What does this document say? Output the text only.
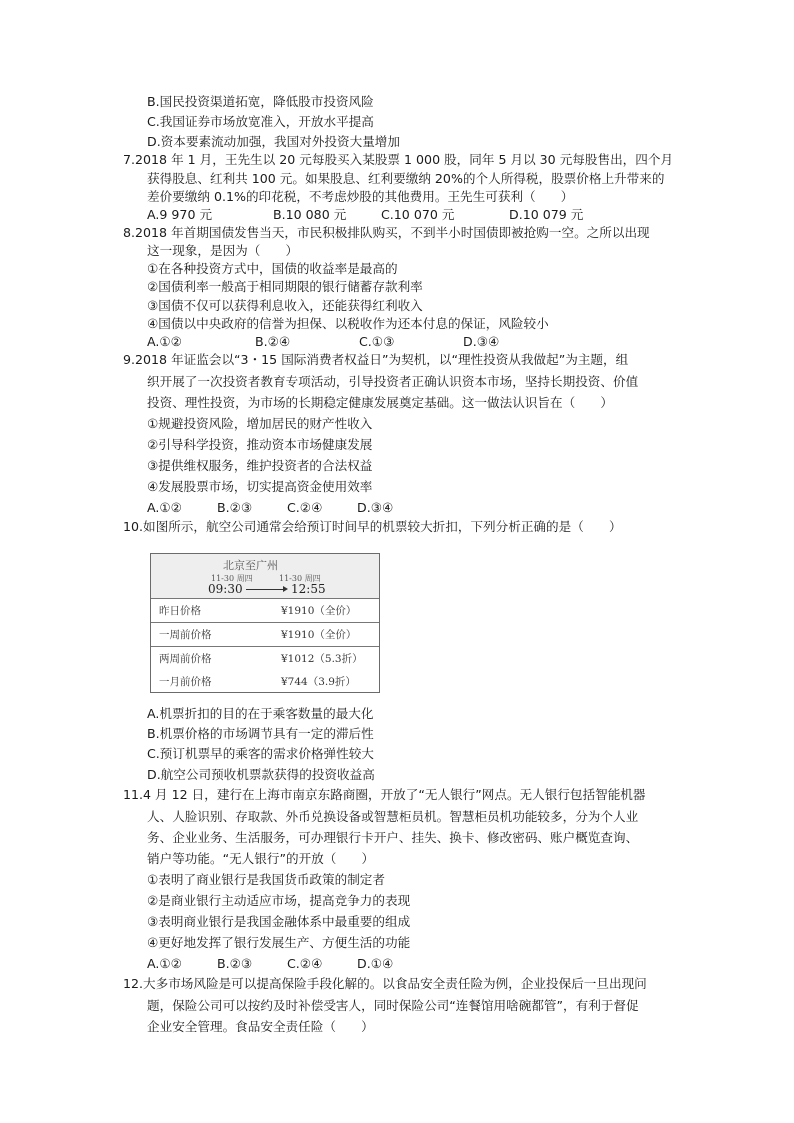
B.国民投资渠道拓宽，降低股市投资风险
C.我国证券市场放宽准入，开放水平提高
D.资本要素流动加强，我国对外投资大量增加
7.2018 年 1 月，王先生以 20 元每股买入某股票 1 000 股，同年 5 月以 30 元每股售出，四个月
获得股息、红利共 100 元。如果股息、红利要缴纳 20%的个人所得税，股票价格上升带来的
差价要缴纳 0.1%的印花税，不考虑炒股的其他费用。王先生可获利（　　）
A.9 970 元	B.10 080 元	C.10 070 元	D.10 079 元
8.2018 年首期国债发售当天，市民积极排队购买，不到半小时国债即被抢购一空。之所以出现
这一现象，是因为（　　）
①在各种投资方式中，国债的收益率是最高的
②国债利率一般高于相同期限的银行储蓄存款利率
③国债不仅可以获得利息收入，还能获得红利收入
④国债以中央政府的信誉为担保、以税收作为还本付息的保证，风险较小
A.①②	B.②④	C.①③	D.③④
9.2018 年证监会以“3・15 国际消费者权益日”为契机，以“理性投资从我做起”为主题，组
织开展了一次投资者教育专项活动，引导投资者正确认识资本市场，坚持长期投资、价值
投资、理性投资，为市场的长期稳定健康发展奠定基础。这一做法认识旨在（　　）
①规避投资风险，增加居民的财产性收入
②引导科学投资，推动资本市场健康发展
③提供维权服务，维护投资者的合法权益
④发展股票市场，切实提高资金使用效率
A.①②	B.②③	C.②④	D.③④
10.如图所示，航空公司通常会给预订时间早的机票较大折扣，下列分析正确的是（　　）
北京至广州
11-30 周四	11-30 周四
09:30	12:55
昨日价格	¥1910（全价）
一周前价格	¥1910（全价）
两周前价格	¥1012（5.3折）
一月前价格	¥744（3.9折）
A.机票折扣的目的在于乘客数量的最大化
B.机票价格的市场调节具有一定的滞后性
C.预订机票早的乘客的需求价格弹性较大
D.航空公司预收机票款获得的投资收益高
11.4 月 12 日，建行在上海市南京东路商圈，开放了“无人银行”网点。无人银行包括智能机器
人、人脸识别、存取款、外币兑换设备或智慧柜员机。智慧柜员机功能较多，分为个人业
务、企业业务、生活服务，可办理银行卡开户、挂失、换卡、修改密码、账户概览查询、
销户等功能。“无人银行”的开放（　　）
①表明了商业银行是我国货币政策的制定者
②是商业银行主动适应市场，提高竞争力的表现
③表明商业银行是我国金融体系中最重要的组成
④更好地发挥了银行发展生产、方便生活的功能
A.①②	B.②③	C.②④	D.①④
12.大多市场风险是可以提高保险手段化解的。以食品安全责任险为例，企业投保后一旦出现问
题，保险公司可以按约及时补偿受害人，同时保险公司“连餐馆用啥碗都管”，有利于督促
企业安全管理。食品安全责任险（　　）
